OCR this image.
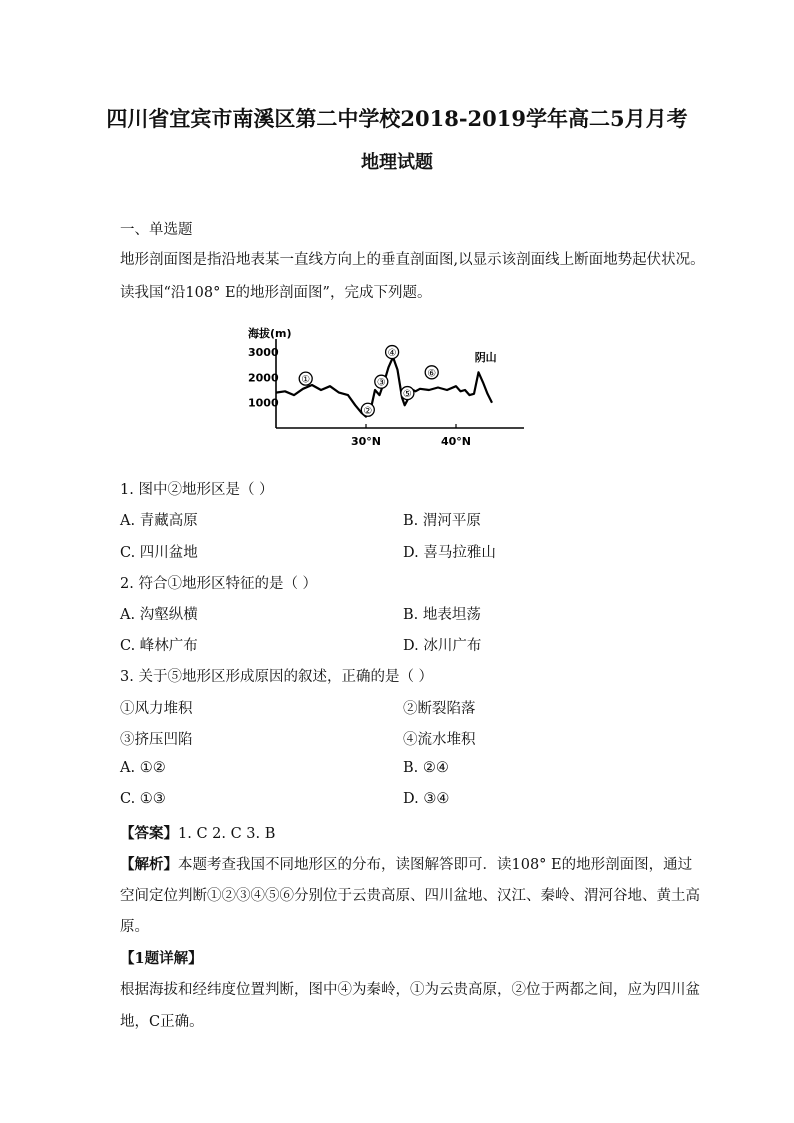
四川省宜宾市南溪区第二中学校2018-2019学年高二5月月考
地理试题
一、单选题
地形剖面图是指沿地表某一直线方向上的垂直剖面图,以显示该剖面线上断面地势起伏状况。
读我国“沿108° E的地形剖面图”，完成下列题。
海拔(m)
3000
2000
1000
30°N	40°N
①
②
③
④
⑤
⑥
阴山
1. 图中②地形区是（ ）
A. 青藏高原	B. 渭河平原
C. 四川盆地	D. 喜马拉雅山
2. 符合①地形区特征的是（ ）
A. 沟壑纵横	B. 地表坦荡
C. 峰林广布	D. 冰川广布
3. 关于⑤地形区形成原因的叙述，正确的是（ ）
①风力堆积	②断裂陷落
③挤压凹陷	④流水堆积
A. ①②	B. ②④
C. ①③	D. ③④
【答案】1. C 2. C 3. B
【解析】本题考查我国不同地形区的分布，读图解答即可．读108° E的地形剖面图，通过
空间定位判断①②③④⑤⑥分别位于云贵高原、四川盆地、汉江、秦岭、渭河谷地、黄土高
原。
【1题详解】
根据海拔和经纬度位置判断，图中④为秦岭，①为云贵高原，②位于两都之间，应为四川盆
地，C正确。
